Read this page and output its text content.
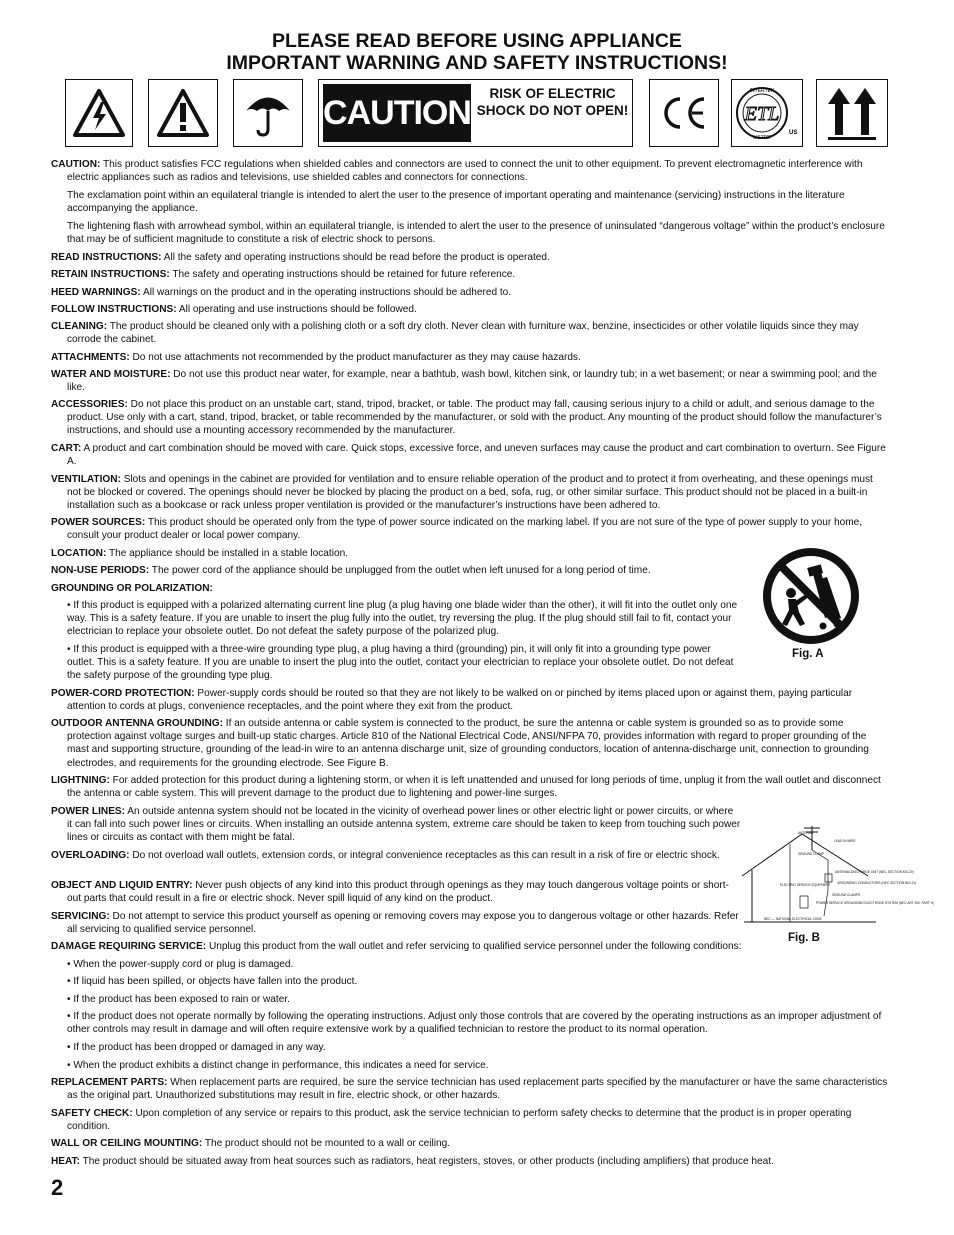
PLEASE READ BEFORE USING APPLIANCE
IMPORTANT WARNING AND SAFETY INSTRUCTIONS!
CAUTION
RISK OF ELECTRIC SHOCK DO NOT OPEN!
INTERTEK
LISTED
ETL
US
CAUTION: This product satisfies FCC regulations when shielded cables and connectors are used to connect the unit to other equipment. To prevent electromagnetic interference with electric appliances such as radios and televisions, use shielded cables and connectors for connections.
The exclamation point within an equilateral triangle is intended to alert the user to the presence of important operating and maintenance (servicing) instructions in the literature accompanying the appliance.
The lightening flash with arrowhead symbol, within an equilateral triangle, is intended to alert the user to the presence of uninsulated “dangerous voltage” within the product’s enclosure that may be of sufficient magnitude to constitute a risk of electric shock to persons.
READ INSTRUCTIONS: All the safety and operating instructions should be read before the product is operated.
RETAIN INSTRUCTIONS: The safety and operating instructions should be retained for future reference.
HEED WARNINGS: All warnings on the product and in the operating instructions should be adhered to.
FOLLOW INSTRUCTIONS: All operating and use instructions should be followed.
CLEANING: The product should be cleaned only with a polishing cloth or a soft dry cloth. Never clean with furniture wax, benzine, insecticides or other volatile liquids since they may corrode the cabinet.
ATTACHMENTS: Do not use attachments not recommended by the product manufacturer as they may cause hazards.
WATER AND MOISTURE: Do not use this product near water, for example, near a bathtub, wash bowl, kitchen sink, or laundry tub; in a wet basement; or near a swimming pool; and the like.
ACCESSORIES: Do not place this product on an unstable cart, stand, tripod, bracket, or table. The product may fall, causing serious injury to a child or adult, and serious damage to the product. Use only with a cart, stand, tripod, bracket, or table recommended by the manufacturer, or sold with the product. Any mounting of the product should follow the manufacturer’s instructions, and should use a mounting accessory recommended by the manufacturer.
CART: A product and cart combination should be moved with care. Quick stops, excessive force, and uneven surfaces may cause the product and cart combination to overturn. See Figure A.
VENTILATION: Slots and openings in the cabinet are provided for ventilation and to ensure reliable operation of the product and to protect it from overheating, and these openings must not be blocked or covered. The openings should never be blocked by placing the product on a bed, sofa, rug, or other similar surface. This product should not be placed in a built-in installation such as a bookcase or rack unless proper ventilation is provided or the manufacturer’s instructions have been adhered to.
POWER SOURCES: This product should be operated only from the type of power source indicated on the marking label. If you are not sure of the type of power supply to your home, consult your product dealer or local power company.
LOCATION: The appliance should be installed in a stable location.
NON-USE PERIODS: The power cord of the appliance should be unplugged from the outlet when left unused for a long period of time.
GROUNDING OR POLARIZATION:
• If this product is equipped with a polarized alternating current line plug (a plug having one blade wider than the other), it will fit into the outlet only one way. This is a safety feature. If you are unable to insert the plug fully into the outlet, try reversing the plug. If the plug should still fail to fit, contact your electrician to replace your obsolete outlet. Do not defeat the safety purpose of the polarized plug.
• If this product is equipped with a three-wire grounding type plug, a plug having a third (grounding) pin, it will only fit into a grounding type power outlet. This is a safety feature. If you are unable to insert the plug into the outlet, contact your electrician to replace your obsolete outlet. Do not defeat the safety purpose of the grounding type plug.
POWER-CORD PROTECTION: Power-supply cords should be routed so that they are not likely to be walked on or pinched by items placed upon or against them, paying particular attention to cords at plugs, convenience receptacles, and the point where they exit from the product.
OUTDOOR ANTENNA GROUNDING: If an outside antenna or cable system is connected to the product, be sure the antenna or cable system is grounded so as to provide some protection against voltage surges and built-up static charges. Article 810 of the National Electrical Code, ANSI/NFPA 70, provides information with regard to proper grounding of the mast and supporting structure, grounding of the lead-in wire to an antenna discharge unit, size of grounding conductors, location of antenna-discharge unit, connection to grounding electrodes, and requirements for the grounding electrode. See Figure B.
LIGHTNING: For added protection for this product during a lightening storm, or when it is left unattended and unused for long periods of time, unplug it from the wall outlet and disconnect the antenna or cable system. This will prevent damage to the product due to lightening and power-line surges.
POWER LINES: An outside antenna system should not be located in the vicinity of overhead power lines or other electric light or power circuits, or where it can fall into such power lines or circuits. When installing an outside antenna system, extreme care should be taken to keep from touching such power lines or circuits as contact with them might be fatal.
OVERLOADING: Do not overload wall outlets, extension cords, or integral convenience receptacles as this can result in a risk of fire or electric shock.
OBJECT AND LIQUID ENTRY: Never push objects of any kind into this product through openings as they may touch dangerous voltage points or short-out parts that could result in a fire or electric shock. Never spill liquid of any kind on the product.
SERVICING: Do not attempt to service this product yourself as opening or removing covers may expose you to dangerous voltage or other hazards. Refer all servicing to qualified service personnel.
DAMAGE REQUIRING SERVICE: Unplug this product from the wall outlet and refer servicing to qualified service personnel under the following conditions:
• When the power-supply cord or plug is damaged.
• If liquid has been spilled, or objects have fallen into the product.
• If the product has been exposed to rain or water.
• If the product does not operate normally by following the operating instructions. Adjust only those controls that are covered by the operating instructions as an improper adjustment of other controls may result in damage and will often require extensive work by a qualified technician to restore the product to its normal operation.
• If the product has been dropped or damaged in any way.
• When the product exhibits a distinct change in performance, this indicates a need for service.
REPLACEMENT PARTS: When replacement parts are required, be sure the service technician has used replacement parts specified by the manufacturer or have the same characteristics as the original part. Unauthorized substitutions may result in fire, electric shock, or other hazards.
SAFETY CHECK: Upon completion of any service or repairs to this product, ask the service technician to perform safety checks to determine that the product is in proper operating condition.
WALL OR CEILING MOUNTING: The product should not be mounted to a wall or ceiling.
HEAT: The product should be situated away from heat sources such as radiators, heat registers, stoves, or other products (including amplifiers) that produce heat.
Fig. A
ANTENNA
LEAD IN WIRE
GROUND CLAMP
ANTENNA DISCHARGE UNIT (NEC SECTION 810-20)
ELECTRIC SERVICE EQUIPMENT GROUNDING CONDUCTORS (NEC SECTION 810-21)
GROUND CLAMPS
POWER SERVICE GROUNDING ELECTRODE SYSTEM (NEC ART 250, PART H)
NEC — NATIONAL ELECTRICAL CODE
Fig. B
2
